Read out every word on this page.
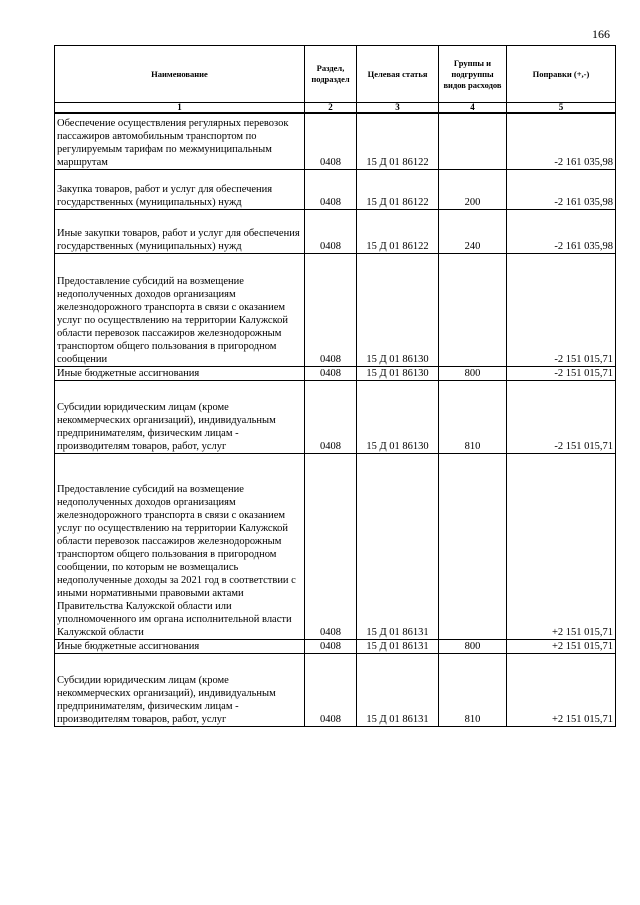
166
Наименование	Раздел, подраздел	Целевая статья	Группы и подгруппы видов расходов	Поправки (+,-)
1	2	3	4	5
Обеспечение осуществления регулярных перевозок пассажиров автомобильным транспортом по регулируемым тарифам по межмуниципальным маршрутам	0408	15 Д 01 86122		-2 161 035,98
Закупка товаров, работ и услуг для обеспечения государственных (муниципальных) нужд	0408	15 Д 01 86122	200	-2 161 035,98
Иные закупки товаров, работ и услуг для обеспечения государственных (муниципальных) нужд	0408	15 Д 01 86122	240	-2 161 035,98
Предоставление субсидий на возмещение недополученных доходов организациям железнодорожного транспорта в связи с оказанием услуг по осуществлению на территории Калужской области перевозок пассажиров железнодорожным транспортом общего пользования в пригородном сообщении	0408	15 Д 01 86130		-2 151 015,71
Иные бюджетные ассигнования	0408	15 Д 01 86130	800	-2 151 015,71
Субсидии юридическим лицам (кроме некоммерческих организаций), индивидуальным предпринимателям, физическим лицам - производителям товаров, работ, услуг	0408	15 Д 01 86130	810	-2 151 015,71
Предоставление субсидий на возмещение недополученных доходов организациям железнодорожного транспорта в связи с оказанием услуг по осуществлению на территории Калужской области перевозок пассажиров железнодорожным транспортом общего пользования в пригородном сообщении, по которым не возмещались недополученные доходы за 2021 год в соответствии с иными нормативными правовыми актами Правительства Калужской области или уполномоченного им органа исполнительной власти Калужской области	0408	15 Д 01 86131		+2 151 015,71
Иные бюджетные ассигнования	0408	15 Д 01 86131	800	+2 151 015,71
Субсидии юридическим лицам (кроме некоммерческих организаций), индивидуальным предпринимателям, физическим лицам - производителям товаров, работ, услуг	0408	15 Д 01 86131	810	+2 151 015,71
